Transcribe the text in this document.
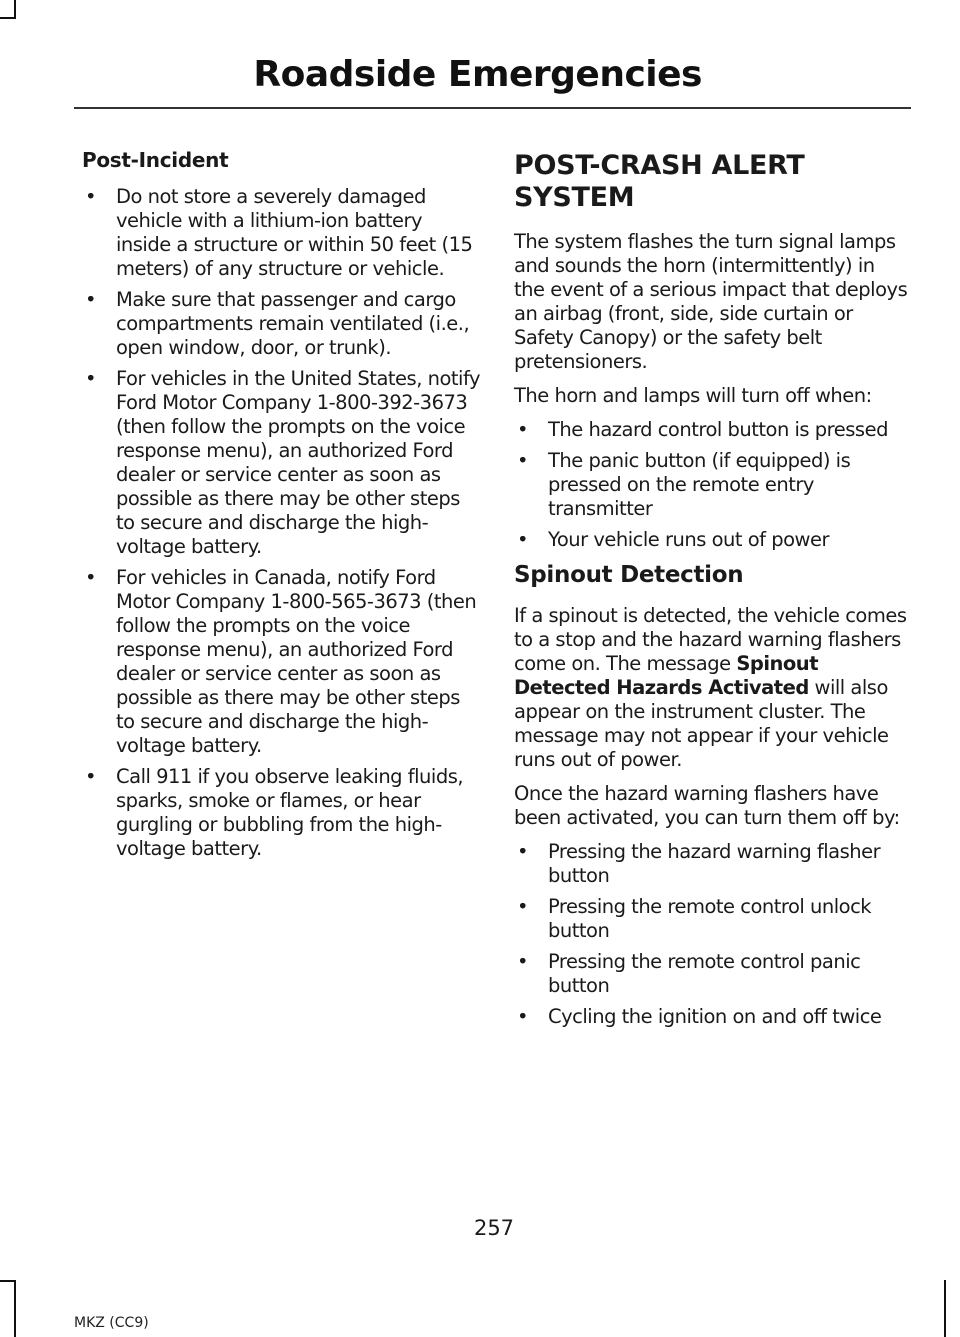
Roadside Emergencies
Post-Incident
• Do not store a severely damaged vehicle with a lithium-ion battery inside a structure or within 50 feet (15 meters) of any structure or vehicle.
• Make sure that passenger and cargo compartments remain ventilated (i.e., open window, door, or trunk).
• For vehicles in the United States, notify Ford Motor Company 1-800-392-3673 (then follow the prompts on the voice response menu), an authorized Ford dealer or service center as soon as possible as there may be other steps to secure and discharge the high-voltage battery.
• For vehicles in Canada, notify Ford Motor Company 1-800-565-3673 (then follow the prompts on the voice response menu), an authorized Ford dealer or service center as soon as possible as there may be other steps to secure and discharge the high-voltage battery.
• Call 911 if you observe leaking fluids, sparks, smoke or flames, or hear gurgling or bubbling from the high-voltage battery.
POST-CRASH ALERT SYSTEM

The system flashes the turn signal lamps and sounds the horn (intermittently) in the event of a serious impact that deploys an airbag (front, side, side curtain or Safety Canopy) or the safety belt pretensioners.

The horn and lamps will turn off when:

• The hazard control button is pressed
• The panic button (if equipped) is pressed on the remote entry transmitter
• Your vehicle runs out of power
Spinout Detection

If a spinout is detected, the vehicle comes to a stop and the hazard warning flashers come on. The message Spinout Detected Hazards Activated will also appear on the instrument cluster. The message may not appear if your vehicle runs out of power.

Once the hazard warning flashers have been activated, you can turn them off by:

• Pressing the hazard warning flasher button
• Pressing the remote control unlock button
• Pressing the remote control panic button
• Cycling the ignition on and off twice
257
MKZ (CC9)
